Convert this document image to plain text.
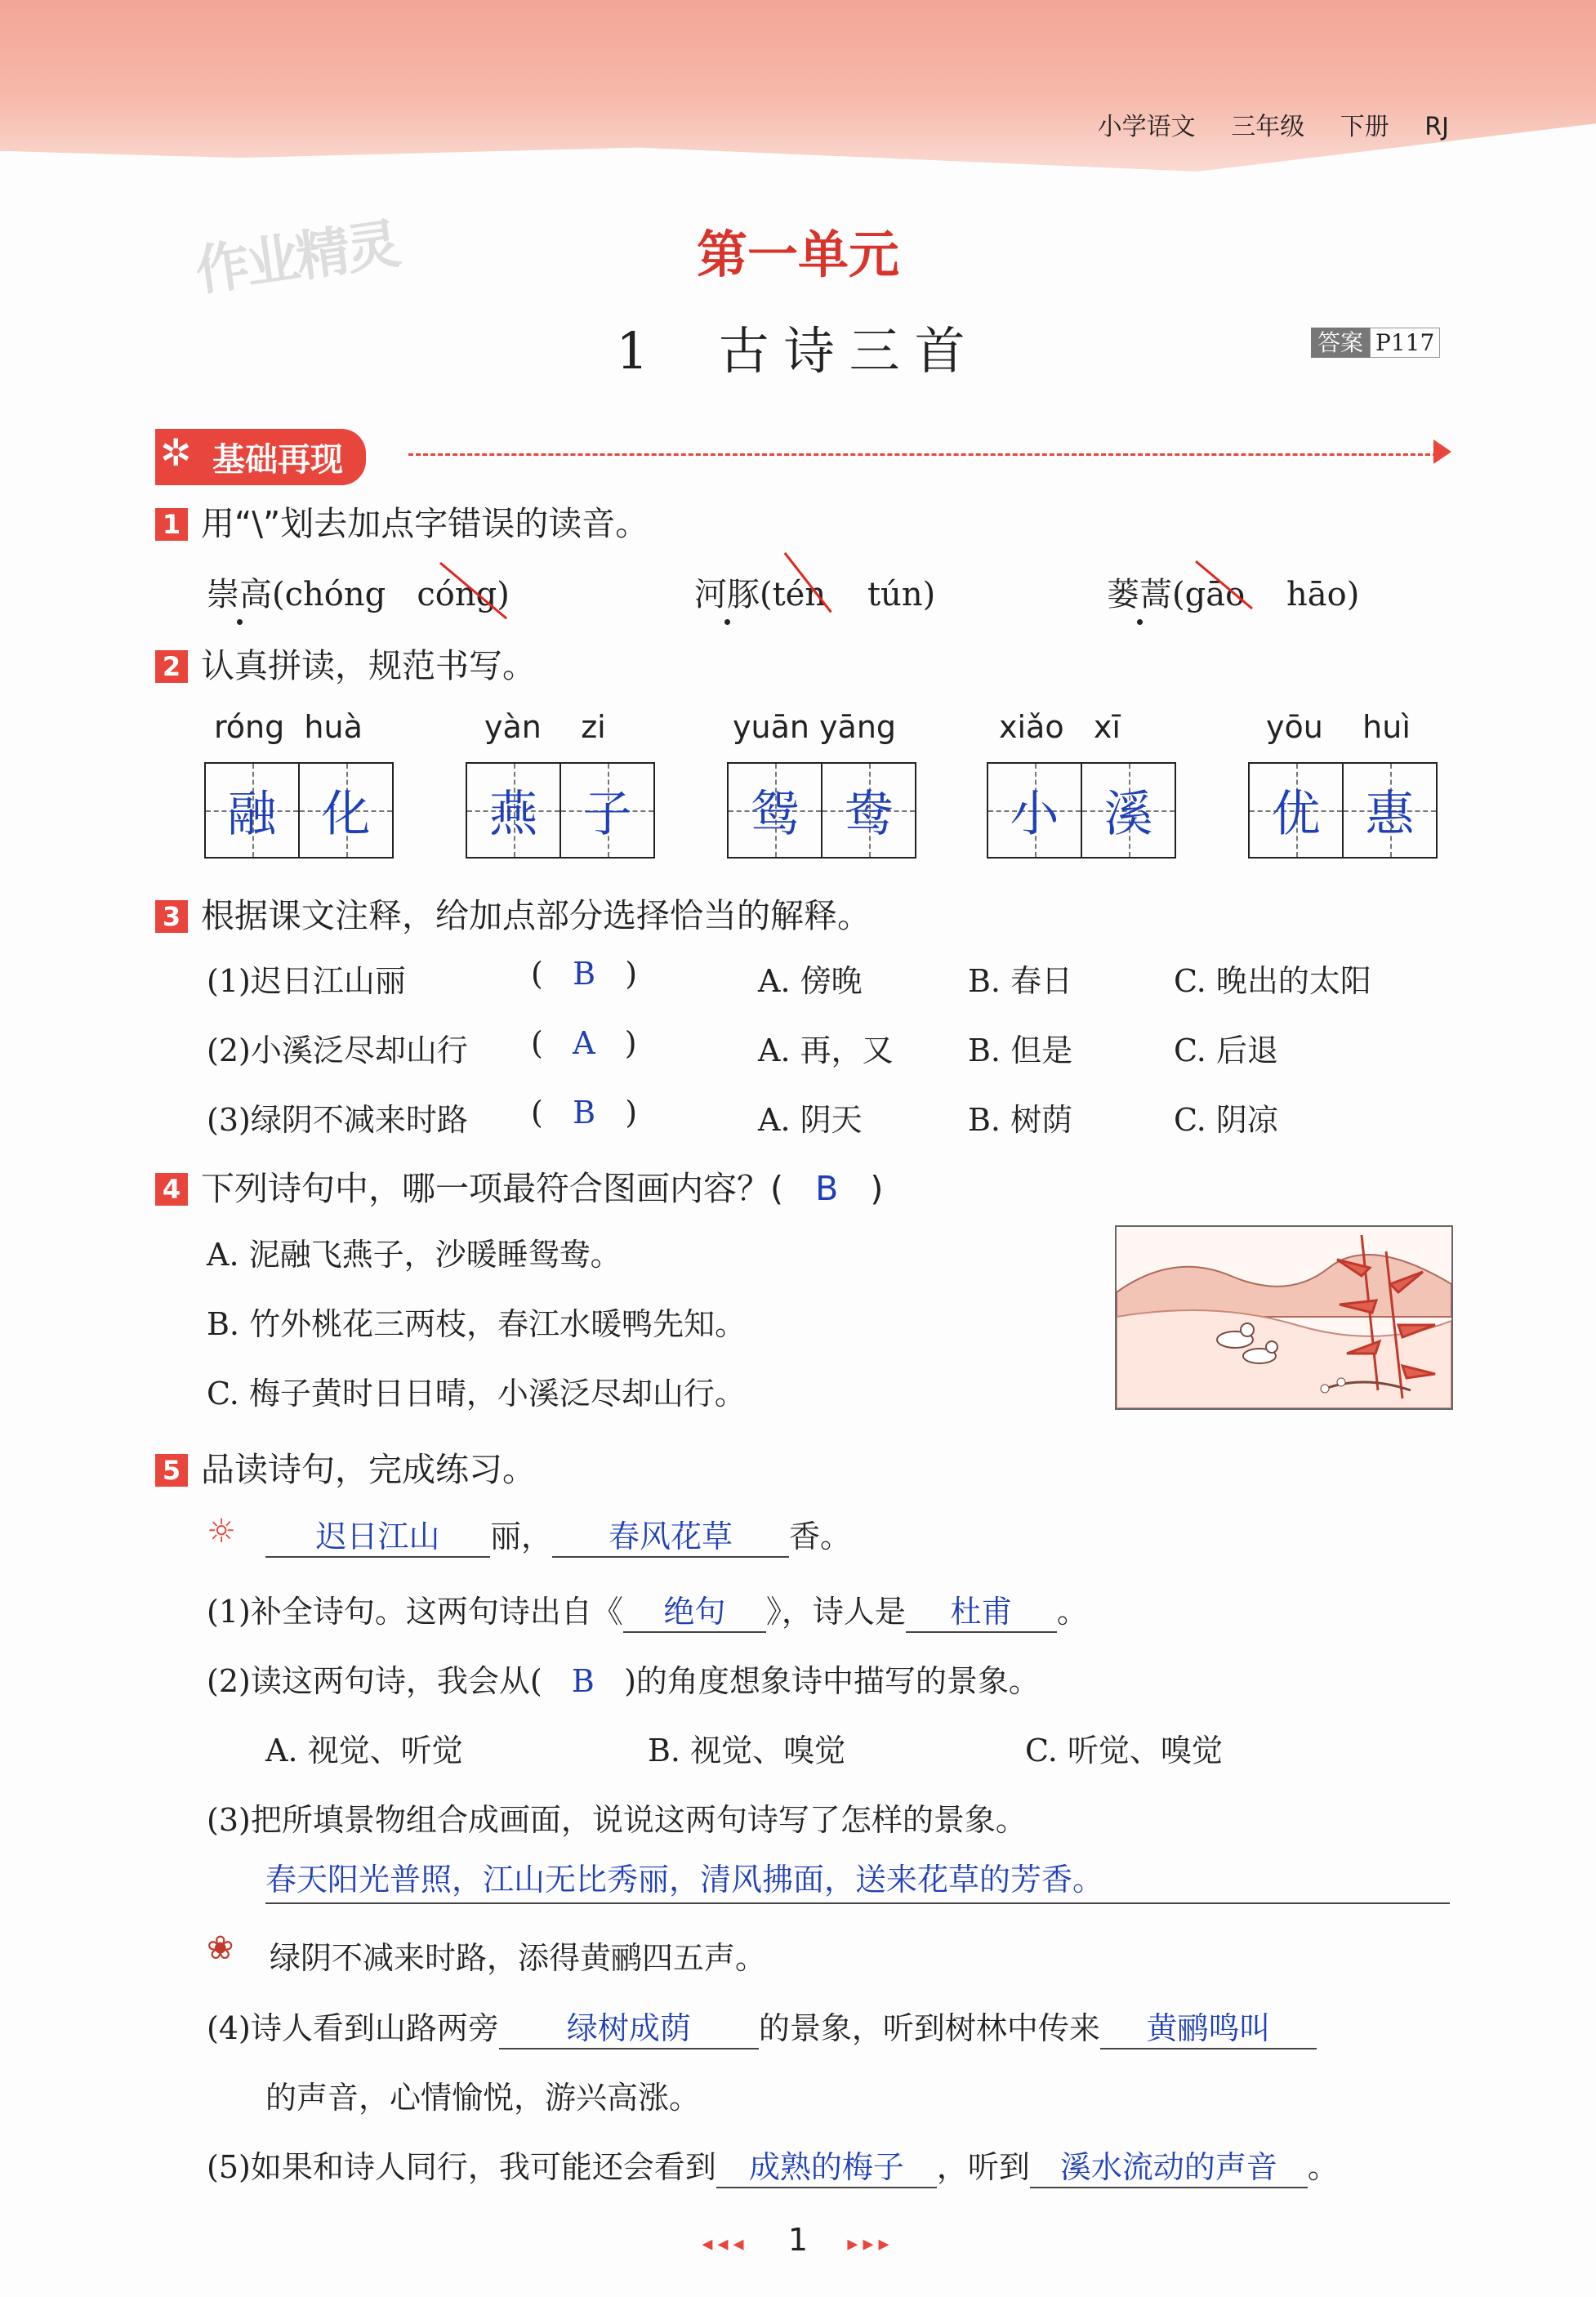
小学语文 三年级 下册 RJ
作业精灵	第一单元
1 古诗三首	答案 P117
✲ 基础再现
1 用“\”划去加点字错误的读音。
崇高(chóng cóng)	河豚(tén tún)	蒌蒿(gāo hāo)
2 认真拼读，规范书写。
róng huà
融 化
yàn zi
燕 子
yuān yāng
鸳 鸯
xiǎo xī
小 溪
yōu huì
优 惠
3 根据课文注释，给加点部分选择恰当的解释。
(1)迟日江山丽	(   B   )	A. 傍晚	B. 春日	C. 晚出的太阳
(2)小溪泛尽却山行 (   A   )	A. 再，又 B. 但是	C. 后退
(3)绿阴不减来时路 (   B   )	A. 阴天	B. 树荫	C. 阴凉
4 下列诗句中，哪一项最符合图画内容？( B )
A. 泥融飞燕子，沙暖睡鸳鸯。
B. 竹外桃花三两枝，春江水暖鸭先知。
C. 梅子黄时日日晴，小溪泛尽却山行。
5 品读诗句，完成练习。
☼	迟日江山 丽， 春风花草 香。
(1)补全诗句。这两句诗出自《 绝句 》，诗人是 杜甫 。
(2)读这两句诗，我会从( B )的角度想象诗中描写的景象。
A. 视觉、听觉	B. 视觉、嗅觉	C. 听觉、嗅觉
(3)把所填景物组合成画面，说说这两句诗写了怎样的景象。
春天阳光普照，江山无比秀丽，清风拂面，送来花草的芳香。
❀ 绿阴不减来时路，添得黄鹂四五声。
(4)诗人看到山路两旁 绿树成荫 的景象，听到树林中传来 黄鹂鸣叫
的声音，心情愉悦，游兴高涨。
(5)如果和诗人同行，我可能还会看到 成熟的梅子 ，听到 溪水流动的声音 。
◂◂◂ 1 ▸▸▸
